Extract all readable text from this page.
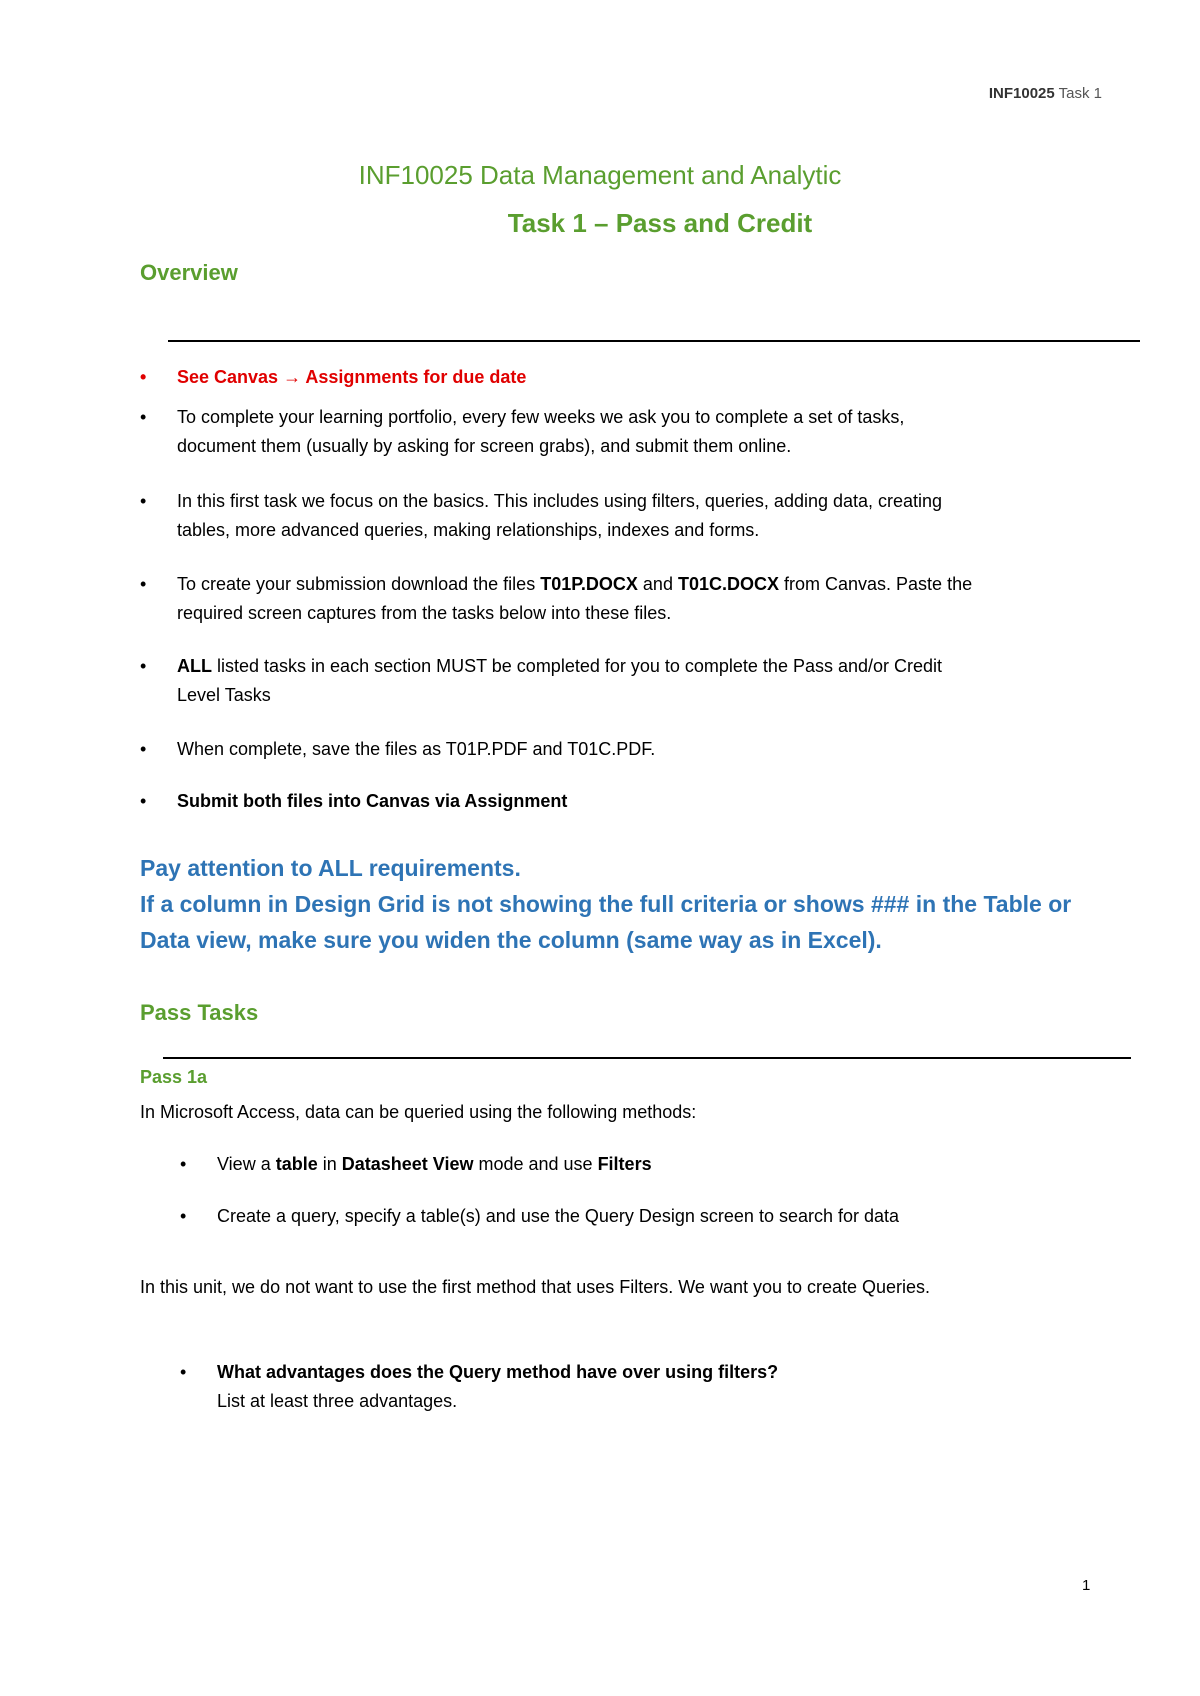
INF10025 Task 1
INF10025 Data Management and Analytic
Task 1 – Pass and Credit
Overview
• See Canvas → Assignments for due date
• To complete your learning portfolio, every few weeks we ask you to complete a set of tasks,
document them (usually by asking for screen grabs), and submit them online.
• In this first task we focus on the basics. This includes using filters, queries, adding data, creating
tables, more advanced queries, making relationships, indexes and forms.
• To create your submission download the files T01P.DOCX and T01C.DOCX from Canvas. Paste the
required screen captures from the tasks below into these files.
• ALL listed tasks in each section MUST be completed for you to complete the Pass and/or Credit
Level Tasks
• When complete, save the files as T01P.PDF and T01C.PDF.
• Submit both files into Canvas via Assignment
Pay attention to ALL requirements.
If a column in Design Grid is not showing the full criteria or shows ### in the Table or
Data view, make sure you widen the column (same way as in Excel).
Pass Tasks
Pass 1a
In Microsoft Access, data can be queried using the following methods:
• View a table in Datasheet View mode and use Filters
• Create a query, specify a table(s) and use the Query Design screen to search for data
In this unit, we do not want to use the first method that uses Filters. We want you to create Queries.
• What advantages does the Query method have over using filters?
List at least three advantages.
1
